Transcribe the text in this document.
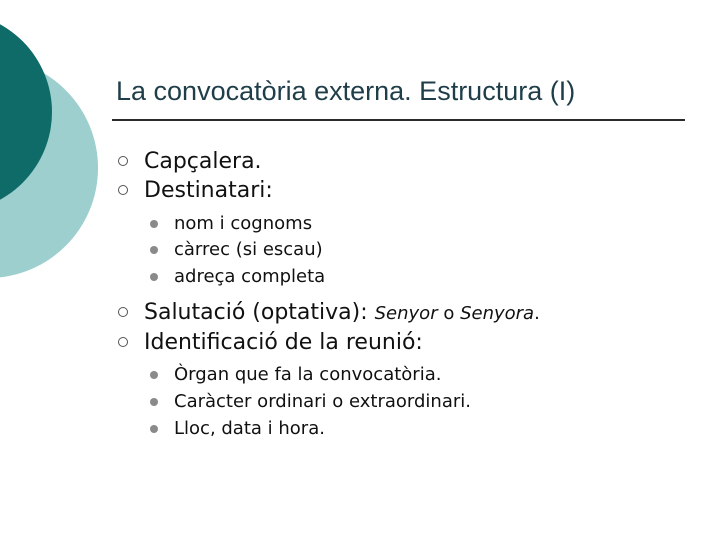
La convocatòria externa. Estructura (I)
Capçalera.
Destinatari:
nom i cognoms
càrrec (si escau)
adreça completa
Salutació (optativa): Senyor o Senyora.
Identificació de la reunió:
Òrgan que fa la convocatòria.
Caràcter ordinari o extraordinari.
Lloc, data i hora.
